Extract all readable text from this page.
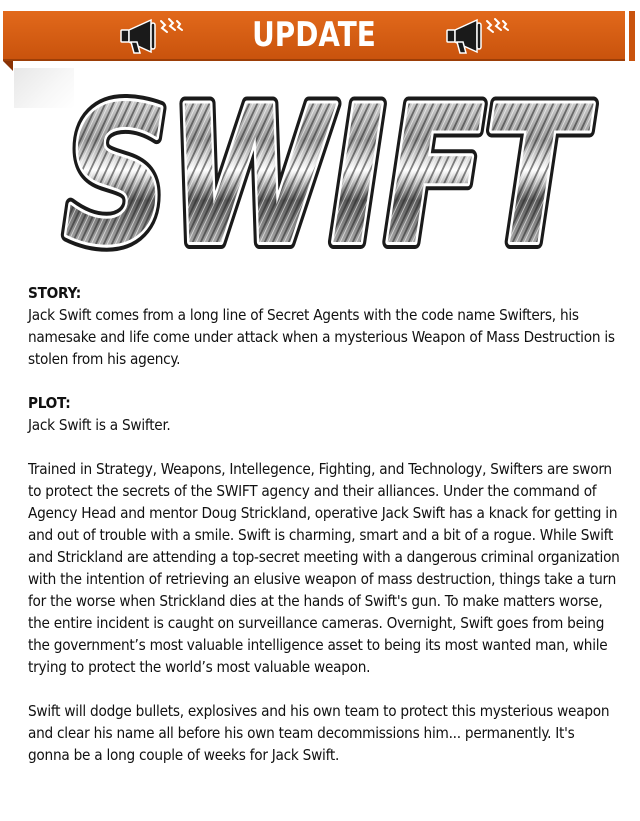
UPDATE
SWIFT
SWIFT
SWIFT

STORY:
Jack Swift comes from a long line of Secret Agents with the code name Swifters, his namesake and life come under attack when a mysterious Weapon of Mass Destruction is stolen from his agency.

PLOT:
Jack Swift is a Swifter.

Trained in Strategy, Weapons, Intellegence, Fighting, and Technology, Swifters are sworn to protect the secrets of the SWIFT agency and their alliances. Under the command of Agency Head and mentor Doug Strickland, operative Jack Swift has a knack for getting in and out of trouble with a smile. Swift is charming, smart and a bit of a rogue. While Swift and Strickland are attending a top-secret meeting with a dangerous criminal organization with the intention of retrieving an elusive weapon of mass destruction, things take a turn for the worse when Strickland dies at the hands of Swift's gun. To make matters worse, the entire incident is caught on surveillance cameras. Overnight, Swift goes from being the government’s most valuable intelligence asset to being its most wanted man, while trying to protect the world’s most valuable weapon.

Swift will dodge bullets, explosives and his own team to protect this mysterious weapon and clear his name all before his own team decommissions him... permanently. It's gonna be a long couple of weeks for Jack Swift.
